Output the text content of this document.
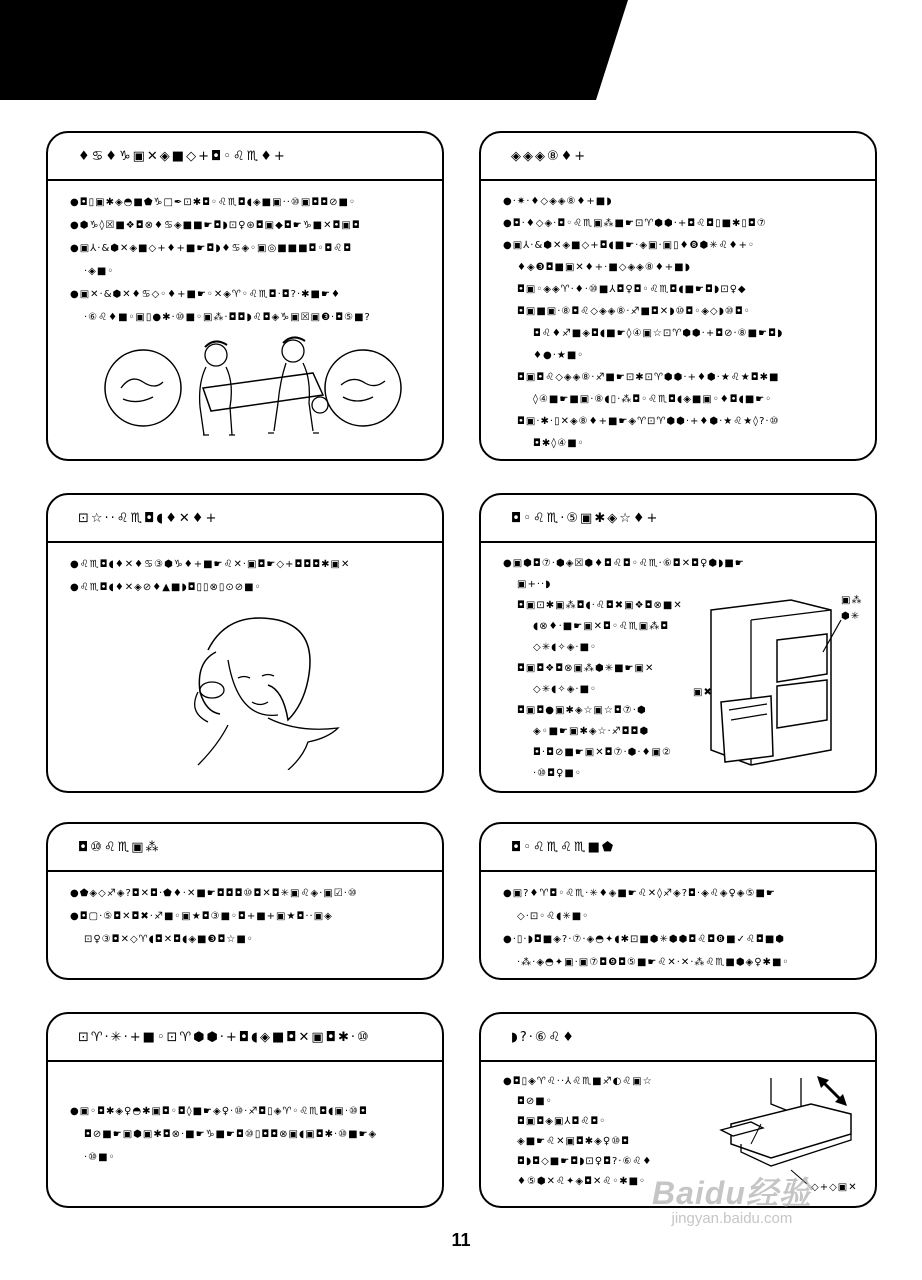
♦♋♦♑▣✕◈■◇+◘◦♌♏♦+
●◘▯▣✱◈◓■⬟♑□✒⊡✱◘◦♌♏◘◖◈■▣··⑩▣◘◘⊘■◦
●⬢♑◊☒■❖◘⊗♦♋◈■■☛◘◗⊡♀⊛◘▣◆◘☛♑■✕◘▣◘
●▣⅄·&⬢✕◈■◇+♦+■☛◘◗♦♋◈◦▣◎■■■◘◦◘♌◘
·◈■◦
●▣✕·&⬢✕♦♋◇◦♦+■☛◦✕◈♈◦♌♏◘·◘?·✱■☛♦
·⑥♌♦■◦▣▯●✱·⑩■◦▣⁂·◘◘◗♌◘◈♑▣☒▣❸·◘⑤■?
◈◈◈⑧♦+
●·✷·♦◇◈◈⑧♦+■◗
●◘·♦◇◈·◘◦♌♏▣⁂■☛⊡♈⬢⬢·+◘♌◘▯■✱▯◘⑦
●▣⅄·&⬢✕◈■◇+◘◖■☛·◈▣·▣▯♦❽⬢✳♌♦+◦
♦◈❸◘■▣✕♦+·■◇◈◈⑧♦+■◗
◘▣◦◈◈♈·♦·⑩■⅄◘♀◘◦♌♏◘◖■☛◘◗⊡♀◆
◘▣■▣·⑧◘♌◇◈◈⑧·♐■◘✕◗⑩◘◦◈◇◗⑩◘◦
◘♌♦♐■◈◘◖■☛◊④▣☆⊡♈⬢⬢·+◘⊘·⑧■☛◘◗
♦●·★■◦
◘▣◘♌◇◈◈⑧·♐■☛⊡✱⊡♈⬢⬢·+♦⬢·★♌★◘✱■
◊④■☛■▣·⑧◖▯·⁂◘◦♌♏◘◖◈■▣◦♦◘◖■☛◦
◘▣·✱·▯✕◈⑧♦+■☛◈♈⊡♈⬢⬢·+♦⬢·★♌★◊?·⑩
◘✱◊④■◦
⊡☆··♌♏◘◖♦✕♦+
●♌♏◘◖♦✕♦♋③⬢♑♦+■☛♌✕·▣◘☛◇+◘◘◘✱▣✕
●♌♏◘◖♦✕◈⊘♦▲■◗◘▯▯⊗▯⊙⊘■◦
◘◦♌♏·⑤▣✱◈☆♦+
●▣⬢◘⑦·⬢◈☒⬢♦◘♌◘◦♌♏·⑥◘✕◘♀⬢◗■☛
▣+··◗
◘▣⊡✱▣⁂◘◖·♌◘✖▣❖◘⊗■✕
◖⊗♦·■☛▣✕◘◦♌♏▣⁂◘
◇✳◖✧◈·■◦
◘▣◘❖◘⊗▣⁂⬢✳■☛▣✕
◇✳◖✧◈·■◦
◘▣◘●▣✱◈☆▣☆◘⑦·⬢
◈◦■☛▣✱◈☆·♐◘◘⬢
◘·◘⊘■☛▣✕◘⑦·⬢·♦▣②
·⑩◘♀■◦
▣⁂
⬢✳
▣✖
◘⑩♌♏▣⁂
●⬟◈◇♐◈?◘✕◘·⬟♦·✕■☛◘◘◘⑩◘✕◘✳▣♌◈·▣☑·⑩
●◘▢·⑤◘✕◘✖·♐■◦▣★◘③■◦◘+■+▣★◘··▣◈
⊡♀③◘✕◇♈◖◘✕◘◖◈■❸◘☆■◦
◘◦♌♏♌♏■⬟
●▣?♦♈◘◦♌♏·✳♦◈■☛♌✕◊♐◈?◘·◈♌◈♀◈⑤■☛
◇·⊡◦♌◖✳■◦
●·▯·◗◘■◈?·⑦·◈◓✦◖✱⊡■⬢✳⬢⬢◘♌◘❽■✓♌◘■⬢
·⁂·◈◓✦▣·▣⑦◘❾◘⑤■☛♌✕·✕·⁂♌♏■⬢◈♀✱■◦
⊡♈·✳·+■◦⊡♈⬢⬢·+◘◖◈■◘✕▣◘✱·⑩
●▣◦◘✱◈♀◓✱▣◘◦◘◊■☛◈♀·⑩·♐◘▯◈♈◦♌♏◘◖▣·⑩◘
◘⊘■☛▣⬢▣✱◘⊗·■☛♑■☛◘⑩▯◘◘⊗▣◖▣◘✱·⑩■☛◈
·⑩■◦
◗?·⑥♌♦
●◘▯◈♈♌··⅄♌♏■♐◐♌▣☆
◘⊘■◦
◘▣◘◈▣⅄◘♌◘◦
◈■☛♌✕▣◘✱◈♀⑩◘
◘◗◘◇■☛◘◗⊡♀◘?·⑥♌♦
♦⑤⬢✕♌✦◈◘✕♌◦✱■◦
◇+◇▣✕
11
Baidu经验
jingyan.baidu.com
